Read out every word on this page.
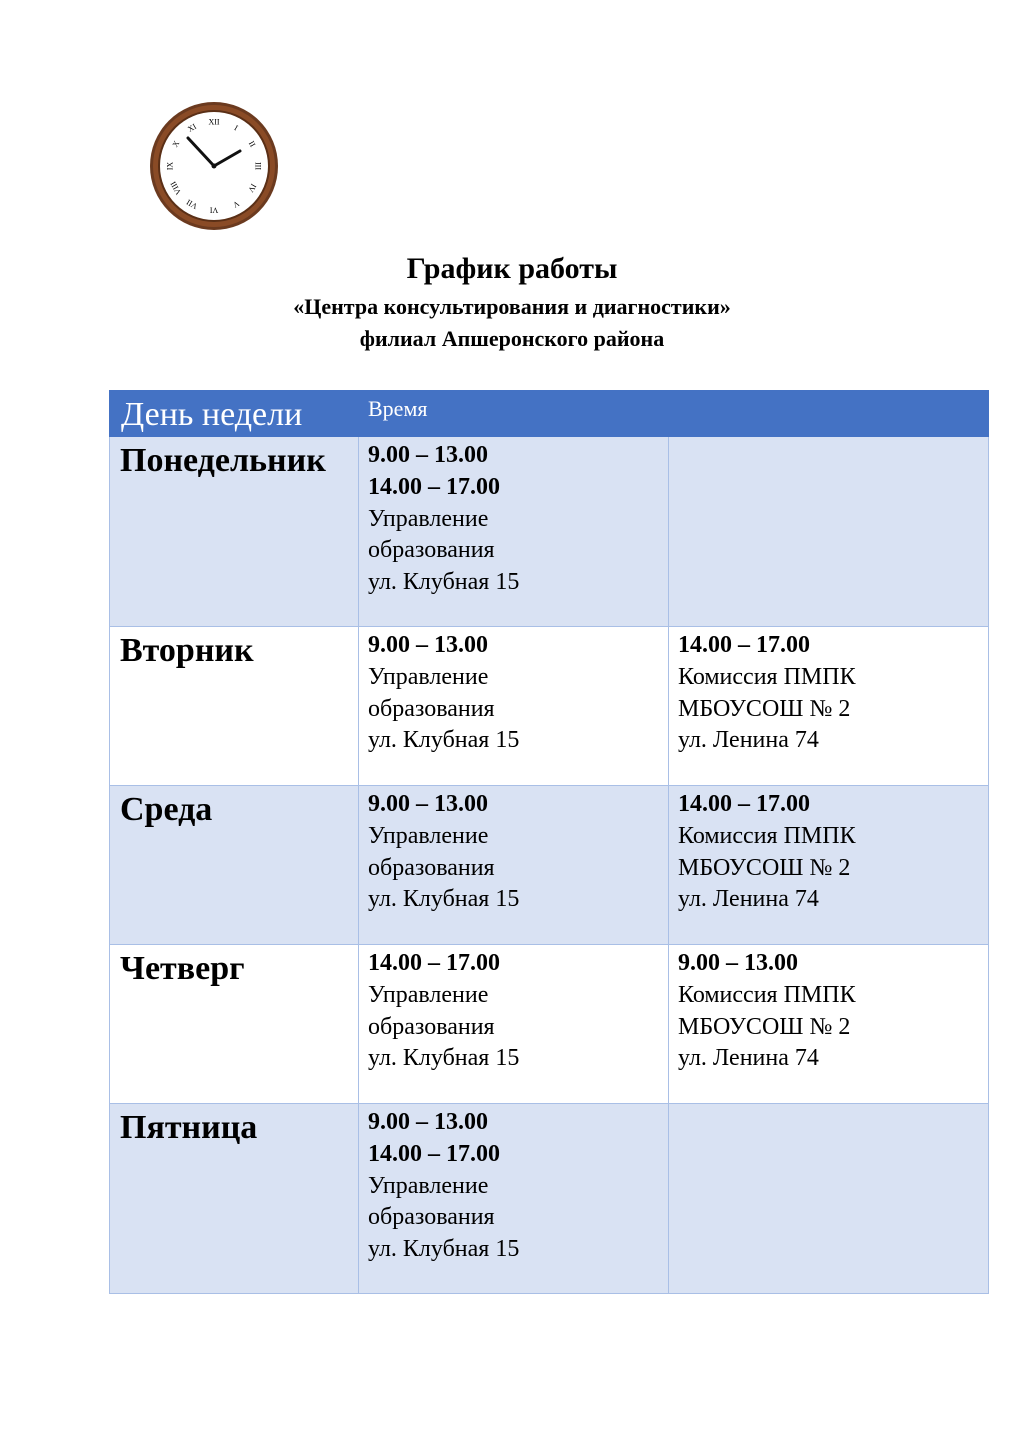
XII
I
II
III
IV
V
VI
VII
VIII
IX
X
XI
График работы
«Центра консультирования и диагностики»
филиал Апшеронского района
День недели	Время	
Понедельник	9.00 – 13.00
14.00 – 17.00
Управление
образования
ул. Клубная 15	

Вторник	9.00 – 13.00
Управление
образования
ул. Клубная 15	14.00 – 17.00
Комиссия ПМПК
МБОУСОШ № 2
ул. Ленина 74

Среда	9.00 – 13.00
Управление
образования
ул. Клубная 15	14.00 – 17.00
Комиссия ПМПК
МБОУСОШ № 2
ул. Ленина 74

Четверг	14.00 – 17.00
Управление
образования
ул. Клубная 15	9.00 – 13.00
Комиссия ПМПК
МБОУСОШ № 2
ул. Ленина 74

Пятница	9.00 – 13.00
14.00 – 17.00
Управление
образования
ул. Клубная 15	
